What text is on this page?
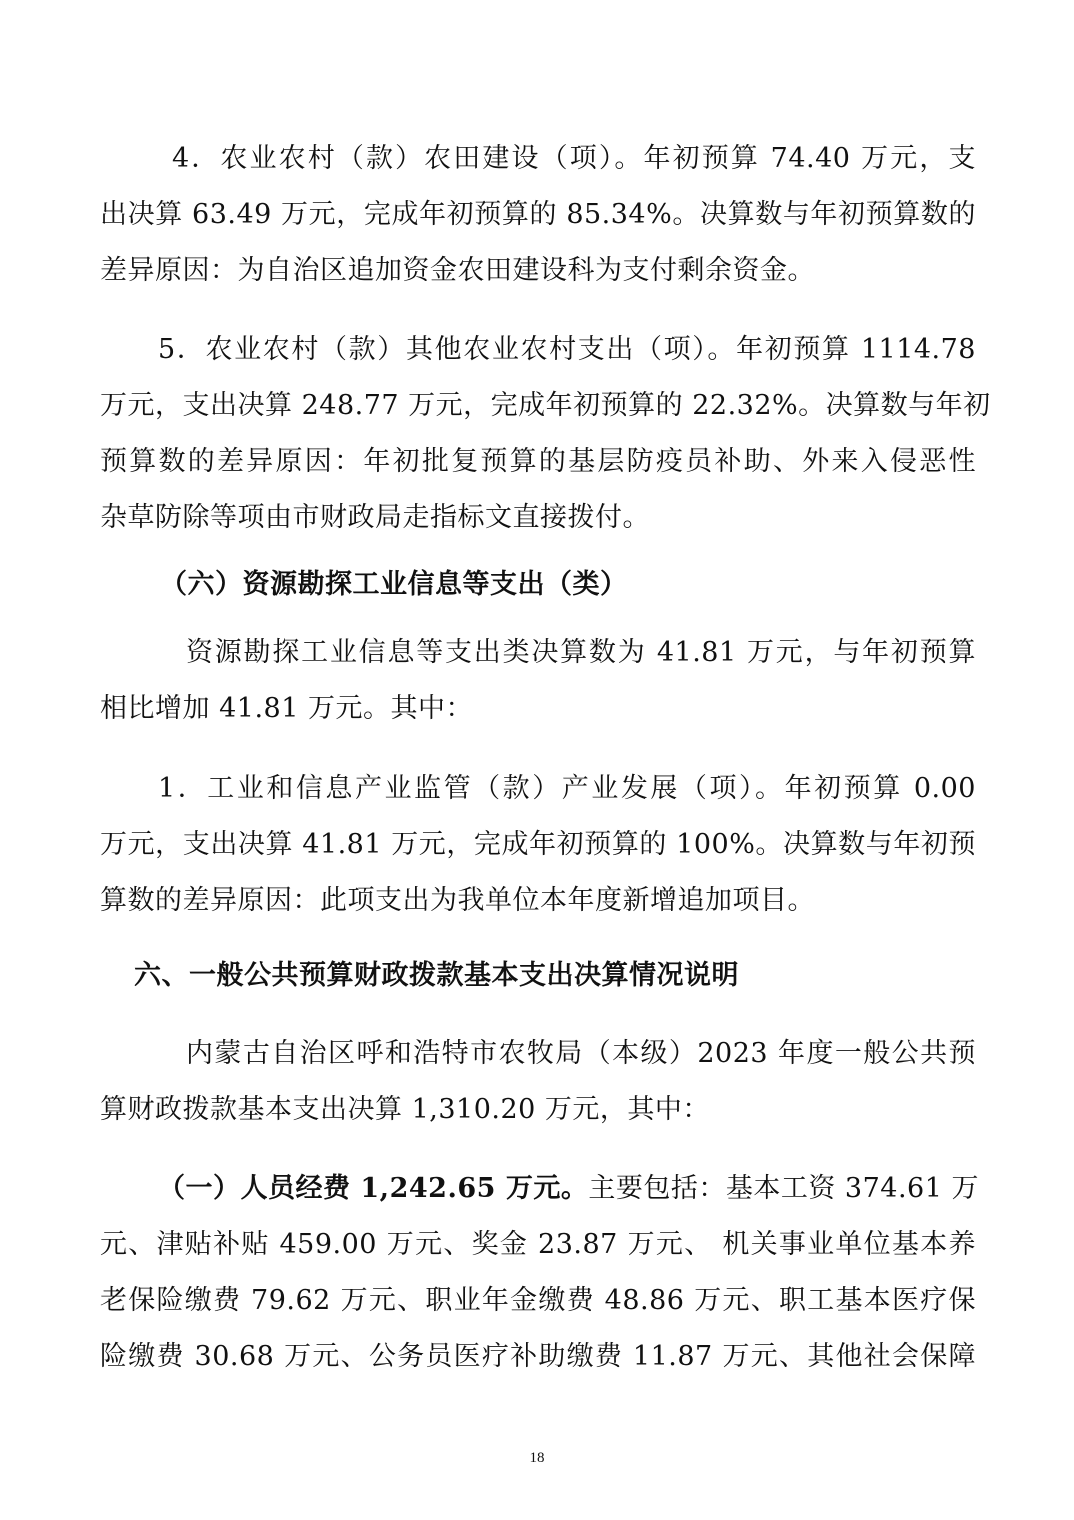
4．农业农村（款）农田建设（项）。年初预算 74.40 万元，支
出决算 63.49 万元，完成年初预算的 85.34%。决算数与年初预算数的
差异原因：为自治区追加资金农田建设科为支付剩余资金。
5．农业农村（款）其他农业农村支出（项）。年初预算 1114.78
万元，支出决算 248.77 万元，完成年初预算的 22.32%。决算数与年初
预算数的差异原因：年初批复预算的基层防疫员补助、外来入侵恶性
杂草防除等项由市财政局走指标文直接拨付。
（六）资源勘探工业信息等支出（类）
资源勘探工业信息等支出类决算数为 41.81 万元，与年初预算
相比增加 41.81 万元。其中：
1．工业和信息产业监管（款）产业发展（项）。年初预算 0.00
万元，支出决算 41.81 万元，完成年初预算的 100%。决算数与年初预
算数的差异原因：此项支出为我单位本年度新增追加项目。
六、一般公共预算财政拨款基本支出决算情况说明
内蒙古自治区呼和浩特市农牧局（本级）2023 年度一般公共预
算财政拨款基本支出决算 1,310.20 万元，其中：
（一）人员经费 1,242.65 万元。 主要包括：基本工资 374.61 万
元、津贴补贴 459.00 万元、奖金 23.87 万元、 机关事业单位基本养
老保险缴费 79.62 万元、职业年金缴费 48.86 万元、职工基本医疗保
险缴费 30.68 万元、公务员医疗补助缴费 11.87 万元、其他社会保障
18
